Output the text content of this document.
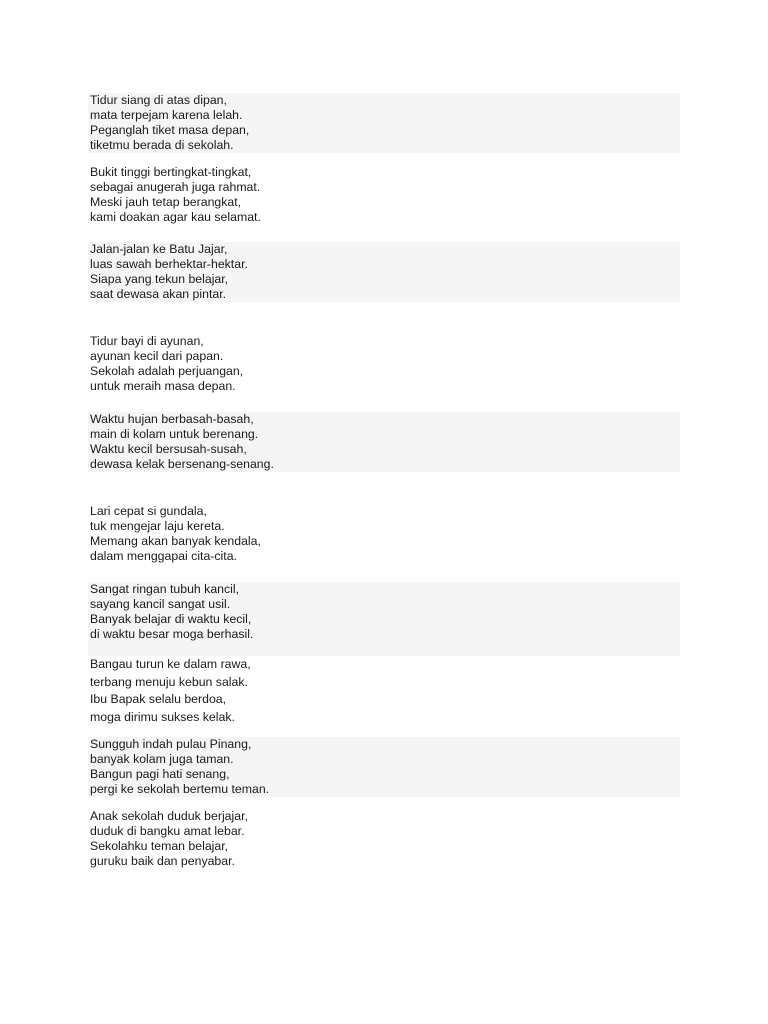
Tidur siang di atas dipan,
mata terpejam karena lelah.
Peganglah tiket masa depan,
tiketmu berada di sekolah.
Bukit tinggi bertingkat-tingkat,
sebagai anugerah juga rahmat.
Meski jauh tetap berangkat,
kami doakan agar kau selamat.
Jalan-jalan ke Batu Jajar,
luas sawah berhektar-hektar.
Siapa yang tekun belajar,
saat dewasa akan pintar.
Tidur bayi di ayunan,
ayunan kecil dari papan.
Sekolah adalah perjuangan,
untuk meraih masa depan.
Waktu hujan berbasah-basah,
main di kolam untuk berenang.
Waktu kecil bersusah-susah,
dewasa kelak bersenang-senang.
Lari cepat si gundala,
tuk mengejar laju kereta.
Memang akan banyak kendala,
dalam menggapai cita-cita.
Sangat ringan tubuh kancil,
sayang kancil sangat usil.
Banyak belajar di waktu kecil,
di waktu besar moga berhasil.
Bangau turun ke dalam rawa,
terbang menuju kebun salak.
Ibu Bapak selalu berdoa,
moga dirimu sukses kelak.
Sungguh indah pulau Pinang,
banyak kolam juga taman.
Bangun pagi hati senang,
pergi ke sekolah bertemu teman.
Anak sekolah duduk berjajar,
duduk di bangku amat lebar.
Sekolahku teman belajar,
guruku baik dan penyabar.
